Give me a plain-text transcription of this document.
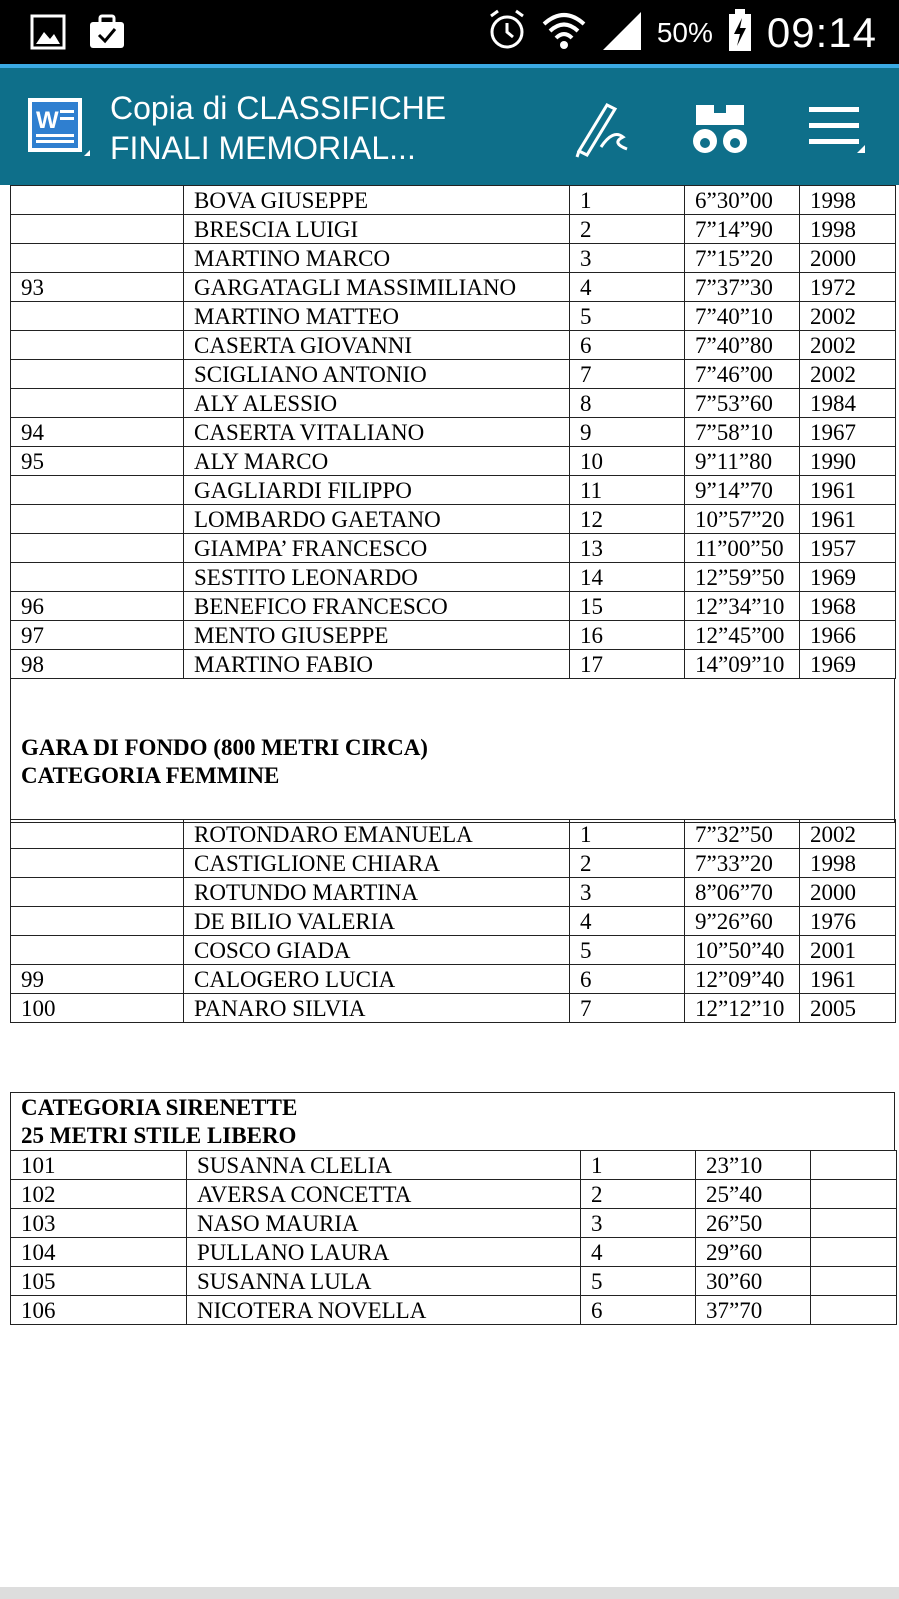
50% 09:14
W Copia di CLASSIFICHE
FINALI MEMORIAL...
	BOVA GIUSEPPE	1	6”30”00	1998
	BRESCIA LUIGI	2	7”14”90	1998
	MARTINO MARCO	3	7”15”20	2000
93	GARGATAGLI MASSIMILIANO	4	7”37”30	1972
	MARTINO MATTEO	5	7”40”10	2002
	CASERTA GIOVANNI	6	7”40”80	2002
	SCIGLIANO ANTONIO	7	7”46”00	2002
	ALY ALESSIO	8	7”53”60	1984
94	CASERTA VITALIANO	9	7”58”10	1967
95	ALY MARCO	10	9”11”80	1990
	GAGLIARDI FILIPPO	11	9”14”70	1961
	LOMBARDO GAETANO	12	10”57”20	1961
	GIAMPA’ FRANCESCO	13	11”00”50	1957
	SESTITO LEONARDO	14	12”59”50	1969
96	BENEFICO FRANCESCO	15	12”34”10	1968
97	MENTO GIUSEPPE	16	12”45”00	1966
98	MARTINO FABIO	17	14”09”10	1969
GARA DI FONDO (800 METRI CIRCA)
CATEGORIA FEMMINE
	ROTONDARO EMANUELA	1	7”32”50	2002
	CASTIGLIONE CHIARA	2	7”33”20	1998
	ROTUNDO MARTINA	3	8”06”70	2000
	DE BILIO VALERIA	4	9”26”60	1976
	COSCO GIADA	5	10”50”40	2001
99	CALOGERO LUCIA	6	12”09”40	1961
100	PANARO SILVIA	7	12”12”10	2005
CATEGORIA SIRENETTE
25 METRI STILE LIBERO
101	SUSANNA CLELIA	1	23”10	
102	AVERSA CONCETTA	2	25”40	
103	NASO MAURIA	3	26”50	
104	PULLANO LAURA	4	29”60	
105	SUSANNA LULA	5	30”60	
106	NICOTERA NOVELLA	6	37”70	
